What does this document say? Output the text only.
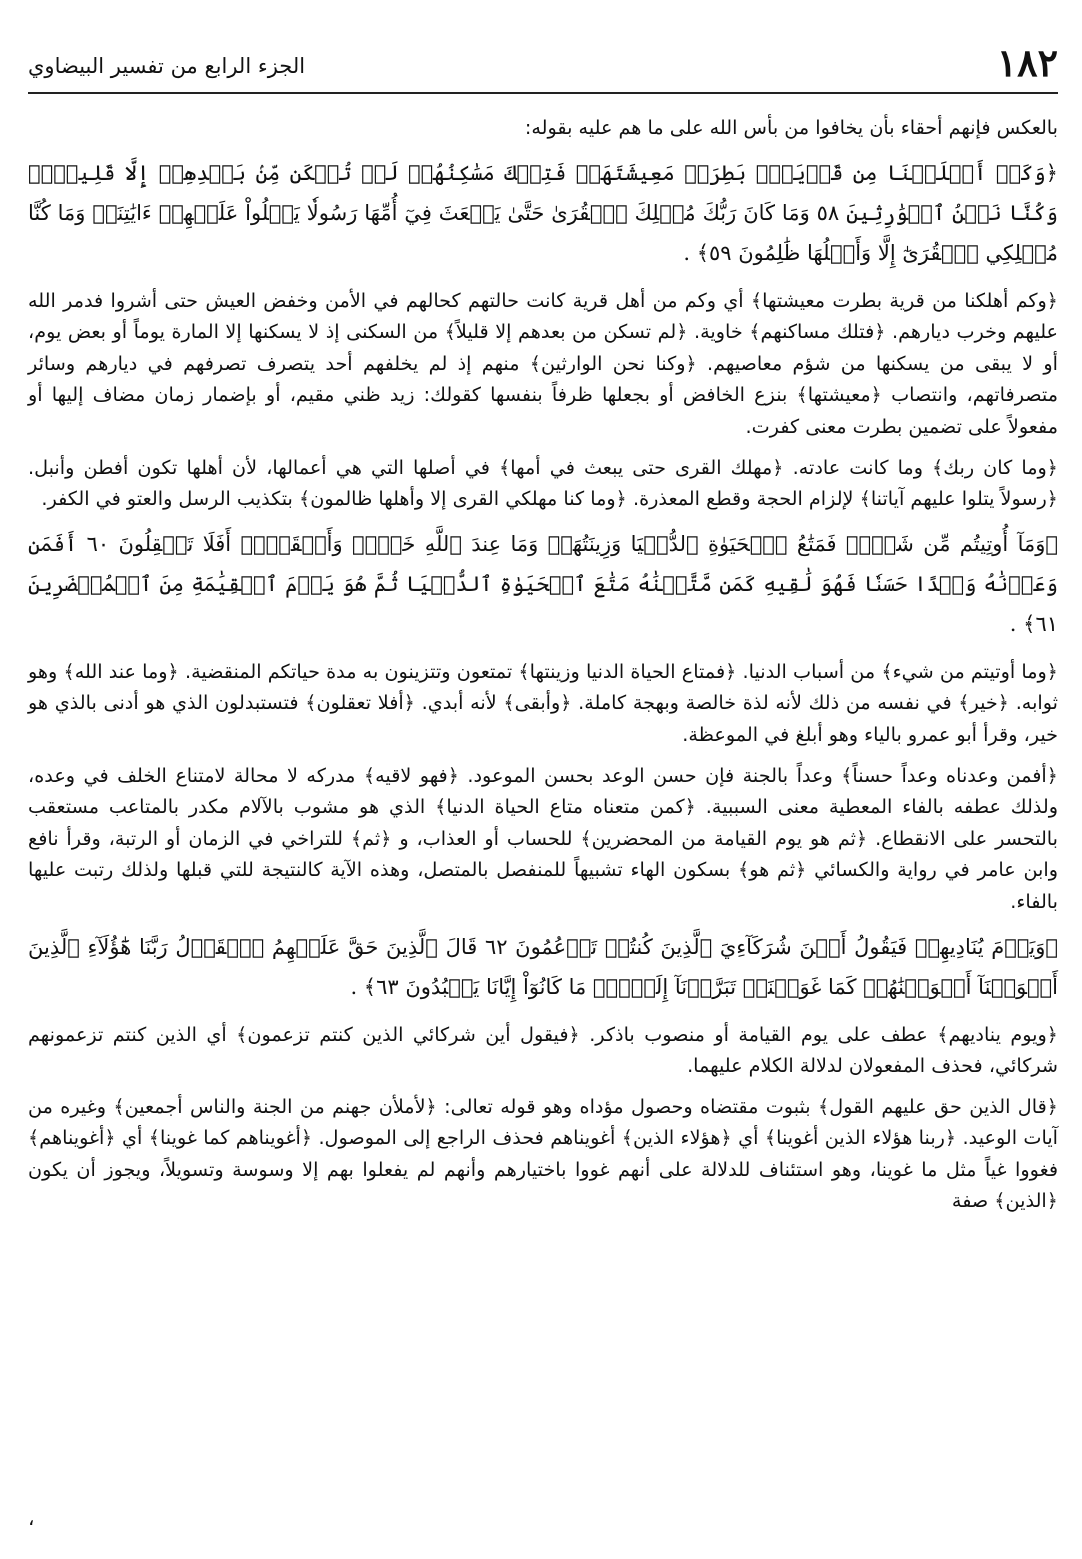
١٨٢
الجزء الرابع من تفسير البيضاوي

بالعكس فإنهم أحقاء بأن يخافوا من بأس الله على ما هم عليه بقوله:

﴿وَكَمۡ أَهۡلَكۡنَا مِن قَرۡيَةِۭ بَطِرَتۡ مَعِيشَتَهَاۖ فَتِلۡكَ مَسَٰكِنُهُمۡ لَمۡ تُسۡكَن مِّنۢ بَعۡدِهِمۡ إِلَّا قَلِيلٗاۖ وَكُنَّا نَحۡنُ ٱلۡوَٰرِثِينَ ٥٨ وَمَا كَانَ رَبُّكَ مُهۡلِكَ ٱلۡقُرَىٰ حَتَّىٰ يَبۡعَثَ فِيٓ أُمِّهَا رَسُولٗا يَتۡلُواْ عَلَيۡهِمۡ ءَايَٰتِنَاۚ وَمَا كُنَّا مُهۡلِكِي ٱلۡقُرَىٰٓ إِلَّا وَأَهۡلُهَا ظَٰلِمُونَ ٥٩﴾ .

﴿وكم أهلكنا من قرية بطرت معيشتها﴾ أي وكم من أهل قرية كانت حالتهم كحالهم في الأمن وخفض العيش حتى أشروا فدمر الله عليهم وخرب ديارهم. ﴿فتلك مساكنهم﴾ خاوية. ﴿لم تسكن من بعدهم إلا قليلاً﴾ من السكنى إذ لا يسكنها إلا المارة يوماً أو بعض يوم، أو لا يبقى من يسكنها من شؤم معاصيهم. ﴿وكنا نحن الوارثين﴾ منهم إذ لم يخلفهم أحد يتصرف تصرفهم في ديارهم وسائر متصرفاتهم، وانتصاب ﴿معيشتها﴾ بنزع الخافض أو بجعلها ظرفاً بنفسها كقولك: زيد ظني مقيم، أو بإضمار زمان مضاف إليها أو مفعولاً على تضمين بطرت معنى كفرت.

﴿وما كان ربك﴾ وما كانت عادته. ﴿مهلك القرى حتى يبعث في أمها﴾ في أصلها التي هي أعمالها، لأن أهلها تكون أفطن وأنبل. ﴿رسولاً يتلوا عليهم آياتنا﴾ لإلزام الحجة وقطع المعذرة. ﴿وما كنا مهلكي القرى إلا وأهلها ظالمون﴾ بتكذيب الرسل والعتو في الكفر.

﴿وَمَآ أُوتِيتُم مِّن شَيۡءٖ فَمَتَٰعُ ٱلۡحَيَوٰةِ ٱلدُّنۡيَا وَزِينَتُهَاۚ وَمَا عِندَ ٱللَّهِ خَيۡرٞ وَأَبۡقَىٰٓۚ أَفَلَا تَعۡقِلُونَ ٦٠ أَفَمَن وَعَدۡنَٰهُ وَعۡدًا حَسَنٗا فَهُوَ لَٰقِيهِ كَمَن مَّتَّعۡنَٰهُ مَتَٰعَ ٱلۡحَيَوٰةِ ٱلدُّنۡيَا ثُمَّ هُوَ يَوۡمَ ٱلۡقِيَٰمَةِ مِنَ ٱلۡمُحۡضَرِينَ ٦١﴾ .

﴿وما أوتيتم من شيء﴾ من أسباب الدنيا. ﴿فمتاع الحياة الدنيا وزينتها﴾ تمتعون وتتزينون به مدة حياتكم المنقضية. ﴿وما عند الله﴾ وهو ثوابه. ﴿خير﴾ في نفسه من ذلك لأنه لذة خالصة وبهجة كاملة. ﴿وأبقى﴾ لأنه أبدي. ﴿أفلا تعقلون﴾ فتستبدلون الذي هو أدنى بالذي هو خير، وقرأ أبو عمرو بالياء وهو أبلغ في الموعظة.

﴿أفمن وعدناه وعداً حسناً﴾ وعداً بالجنة فإن حسن الوعد بحسن الموعود. ﴿فهو لاقيه﴾ مدركه لا محالة لامتناع الخلف في وعده، ولذلك عطفه بالفاء المعطية معنى السببية. ﴿كمن متعناه متاع الحياة الدنيا﴾ الذي هو مشوب بالآلام مكدر بالمتاعب مستعقب بالتحسر على الانقطاع. ﴿ثم هو يوم القيامة من المحضرين﴾ للحساب أو العذاب، و ﴿ثم﴾ للتراخي في الزمان أو الرتبة، وقرأ نافع وابن عامر في رواية والكسائي ﴿ثم هو﴾ بسكون الهاء تشبيهاً للمنفصل بالمتصل، وهذه الآية كالنتيجة للتي قبلها ولذلك رتبت عليها بالفاء.

﴿وَيَوۡمَ يُنَادِيهِمۡ فَيَقُولُ أَيۡنَ شُرَكَآءِيَ ٱلَّذِينَ كُنتُمۡ تَزۡعُمُونَ ٦٢ قَالَ ٱلَّذِينَ حَقَّ عَلَيۡهِمُ ٱلۡقَوۡلُ رَبَّنَا هَٰٓؤُلَآءِ ٱلَّذِينَ أَغۡوَيۡنَآ أَغۡوَيۡنَٰهُمۡ كَمَا غَوَيۡنَاۖ تَبَرَّأۡنَآ إِلَيۡكَۖ مَا كَانُوٓاْ إِيَّانَا يَعۡبُدُونَ ٦٣﴾ .

﴿ويوم يناديهم﴾ عطف على يوم القيامة أو منصوب باذكر. ﴿فيقول أين شركائي الذين كنتم تزعمون﴾ أي الذين كنتم تزعمونهم شركائي، فحذف المفعولان لدلالة الكلام عليهما.

﴿قال الذين حق عليهم القول﴾ بثبوت مقتضاه وحصول مؤداه وهو قوله تعالى: ﴿لأملأن جهنم من الجنة والناس أجمعين﴾ وغيره من آيات الوعيد. ﴿ربنا هؤلاء الذين أغوينا﴾ أي ﴿هؤلاء الذين﴾ أغويناهم فحذف الراجع إلى الموصول. ﴿أغويناهم كما غوينا﴾ أي ﴿أغويناهم﴾ فغووا غياً مثل ما غوينا، وهو استئناف للدلالة على أنهم غووا باختيارهم وأنهم لم يفعلوا بهم إلا وسوسة وتسويلاً، ويجوز أن يكون ﴿الذين﴾ صفة

،
